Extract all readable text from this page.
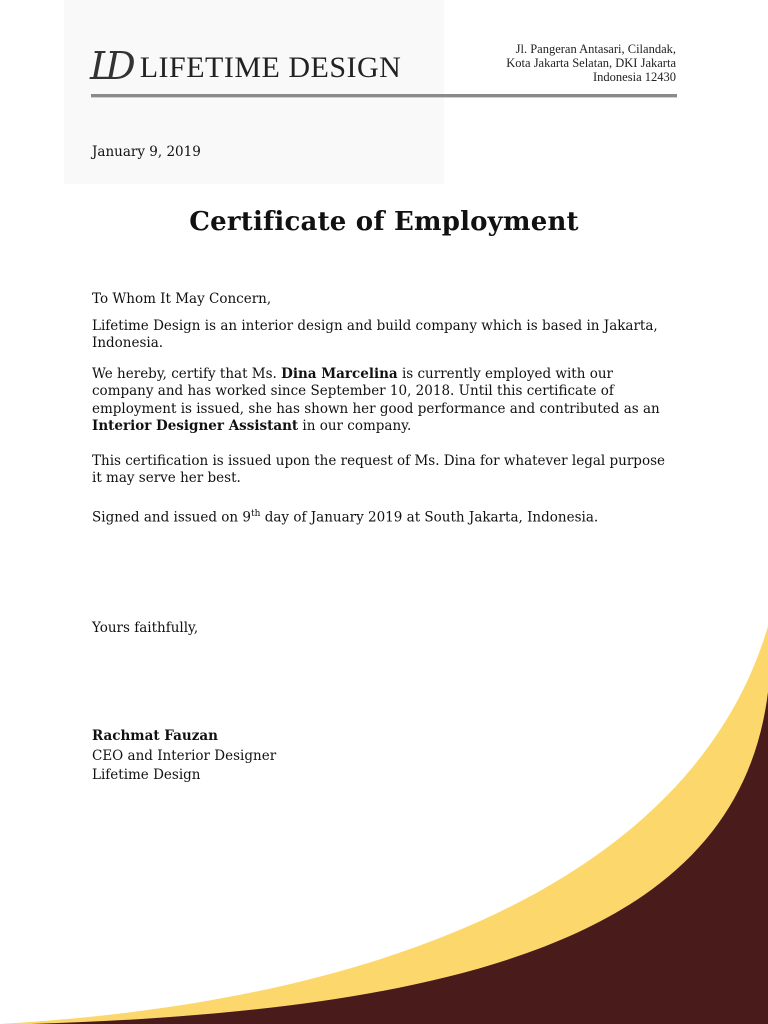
LD LIFETIME DESIGN
Jl. Pangeran Antasari, Cilandak,
Kota Jakarta Selatan, DKI Jakarta
Indonesia 12430
January 9, 2019
Certificate of Employment

To Whom It May Concern,

Lifetime Design is an interior design and build company which is based in Jakarta, Indonesia.

We hereby, certify that Ms. Dina Marcelina is currently employed with our company and has worked since September 10, 2018. Until this certificate of employment is issued, she has shown her good performance and contributed as an Interior Designer Assistant in our company.

This certification is issued upon the request of Ms. Dina for whatever legal purpose it may serve her best.

Signed and issued on 9th day of January 2019 at South Jakarta, Indonesia.

Yours faithfully,
Rachmat Fauzan
CEO and Interior Designer
Lifetime Design
